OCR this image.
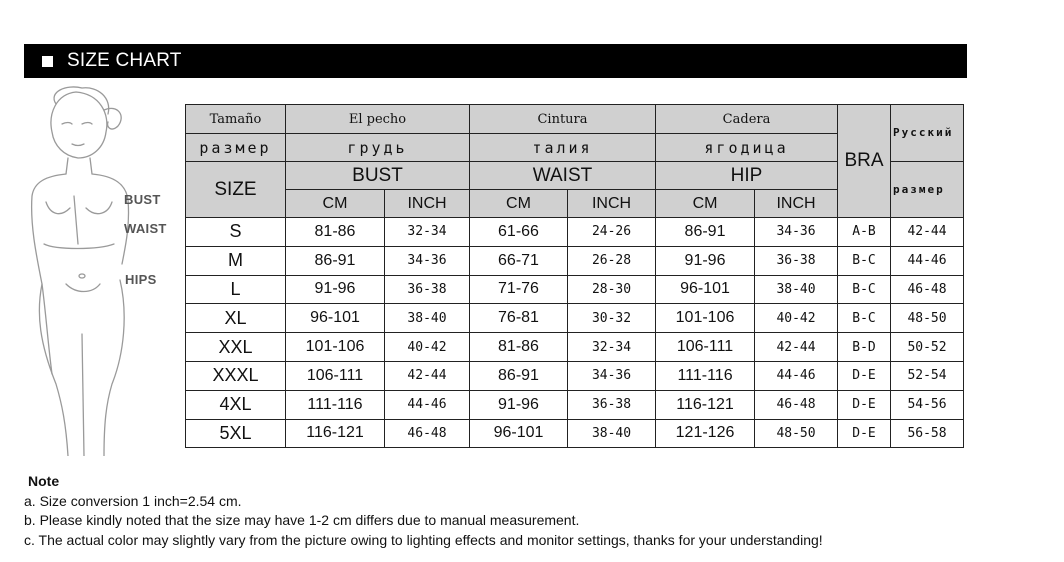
SIZE CHART
BUST
WAIST
HIPS
Tamaño	El pecho		Cintura		Cadera		BRA	Русский
размер	грудь		талия		ягодица			
SIZE	BUST		WAIST		HIP			размер
	CM	INCH	CM	INCH	CM	INCH		
S	81-86	32-34	61-66	24-26	86-91	34-36	A-B	42-44
M	86-91	34-36	66-71	26-28	91-96	36-38	B-C	44-46
L	91-96	36-38	71-76	28-30	96-101	38-40	B-C	46-48
XL	96-101	38-40	76-81	30-32	101-106	40-42	B-C	48-50
XXL	101-106	40-42	81-86	32-34	106-111	42-44	B-D	50-52
XXXL	106-111	42-44	86-91	34-36	111-116	44-46	D-E	52-54
4XL	111-116	44-46	91-96	36-38	116-121	46-48	D-E	54-56
5XL	116-121	46-48	96-101	38-40	121-126	48-50	D-E	56-58
Note
a. Size conversion 1 inch=2.54 cm.
b. Please kindly noted that the size may have 1-2 cm differs due to manual measurement.
c. The actual color may slightly vary from the picture owing to lighting effects and monitor settings, thanks for your understanding!
